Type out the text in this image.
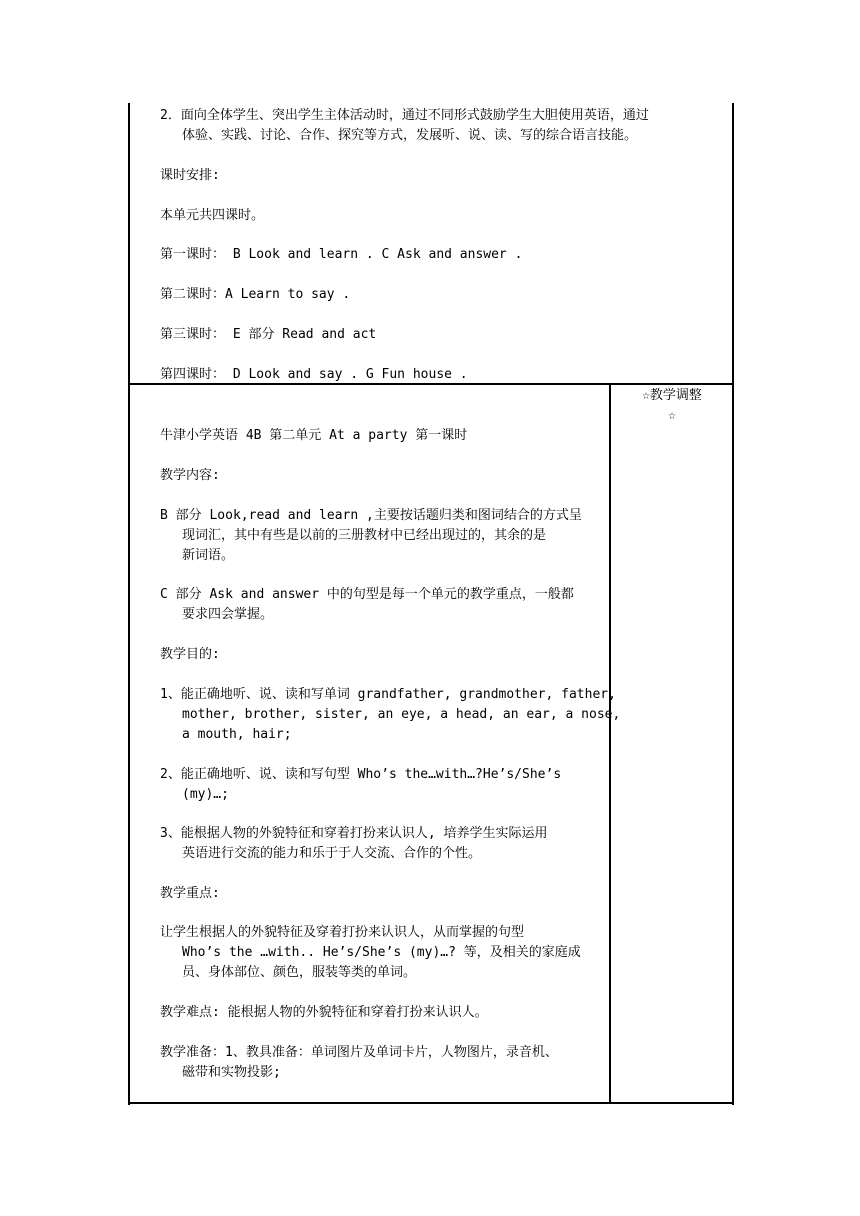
2．面向全体学生、突出学生主体活动时，通过不同形式鼓励学生大胆使用英语，通过
体验、实践、讨论、合作、探究等方式，发展听、说、读、写的综合语言技能。
课时安排:
本单元共四课时。
第一课时： B Look and learn . C Ask and answer .
第二课时：A Learn to say .
第三课时： E 部分 Read and act
第四课时： D Look and say . G Fun house .
☆教学调整
☆
牛津小学英语 4B 第二单元 At a party 第一课时
教学内容:
B 部分 Look,read and learn ,主要按话题归类和图词结合的方式呈
现词汇，其中有些是以前的三册教材中已经出现过的，其余的是
新词语。
C 部分 Ask and answer 中的句型是每一个单元的教学重点，一般都
要求四会掌握。
教学目的:
1、能正确地听、说、读和写单词 grandfather, grandmother, father,
mother, brother, sister, an eye, a head, an ear, a nose,
a mouth, hair;
2、能正确地听、说、读和写句型 Who’s the…with…?He’s/She’s
(my)…;
3、能根据人物的外貌特征和穿着打扮来认识人, 培养学生实际运用
英语进行交流的能力和乐于于人交流、合作的个性。
教学重点:
让学生根据人的外貌特征及穿着打扮来认识人，从而掌握的句型
Who’s the …with.. He’s/She’s (my)…? 等，及相关的家庭成
员、身体部位、颜色，服装等类的单词。
教学难点: 能根据人物的外貌特征和穿着打扮来认识人。
教学准备：1、教具准备：单词图片及单词卡片，人物图片，录音机、
磁带和实物投影;
